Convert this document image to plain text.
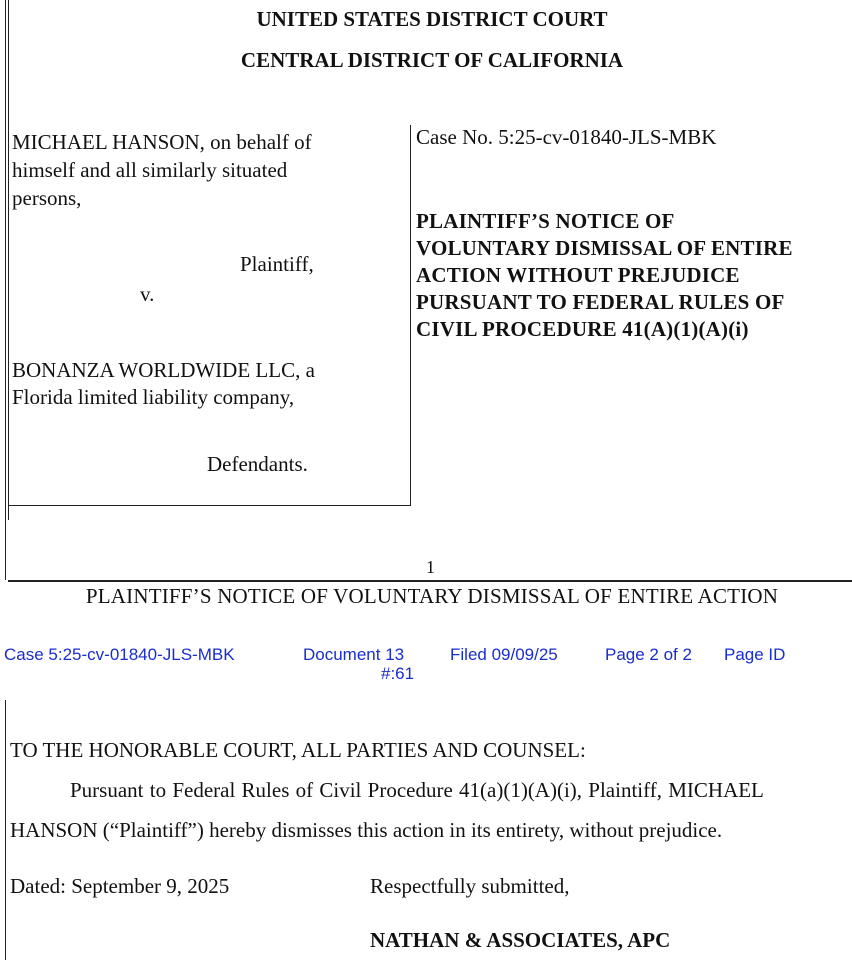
UNITED STATES DISTRICT COURT
CENTRAL DISTRICT OF CALIFORNIA
MICHAEL HANSON, on behalf of
himself and all similarly situated
persons,
Plaintiff,
v.
BONANZA WORLDWIDE LLC, a
Florida limited liability company,
Defendants.
Case No. 5:25-cv-01840-JLS-MBK
PLAINTIFF’S NOTICE OF
VOLUNTARY DISMISSAL OF ENTIRE
ACTION WITHOUT PREJUDICE
PURSUANT TO FEDERAL RULES OF
CIVIL PROCEDURE 41(A)(1)(A)(i)
1
PLAINTIFF’S NOTICE OF VOLUNTARY DISMISSAL OF ENTIRE ACTION
Case 5:25-cv-01840-JLS-MBK	Document 13	Filed 09/09/25	Page 2 of 2 Page ID
#:61
TO THE HONORABLE COURT, ALL PARTIES AND COUNSEL:
Pursuant to Federal Rules of Civil Procedure 41(a)(1)(A)(i), Plaintiff, MICHAEL
HANSON (“Plaintiff”) hereby dismisses this action in its entirety, without prejudice.
Dated: September 9, 2025	Respectfully submitted,
NATHAN & ASSOCIATES, APC
